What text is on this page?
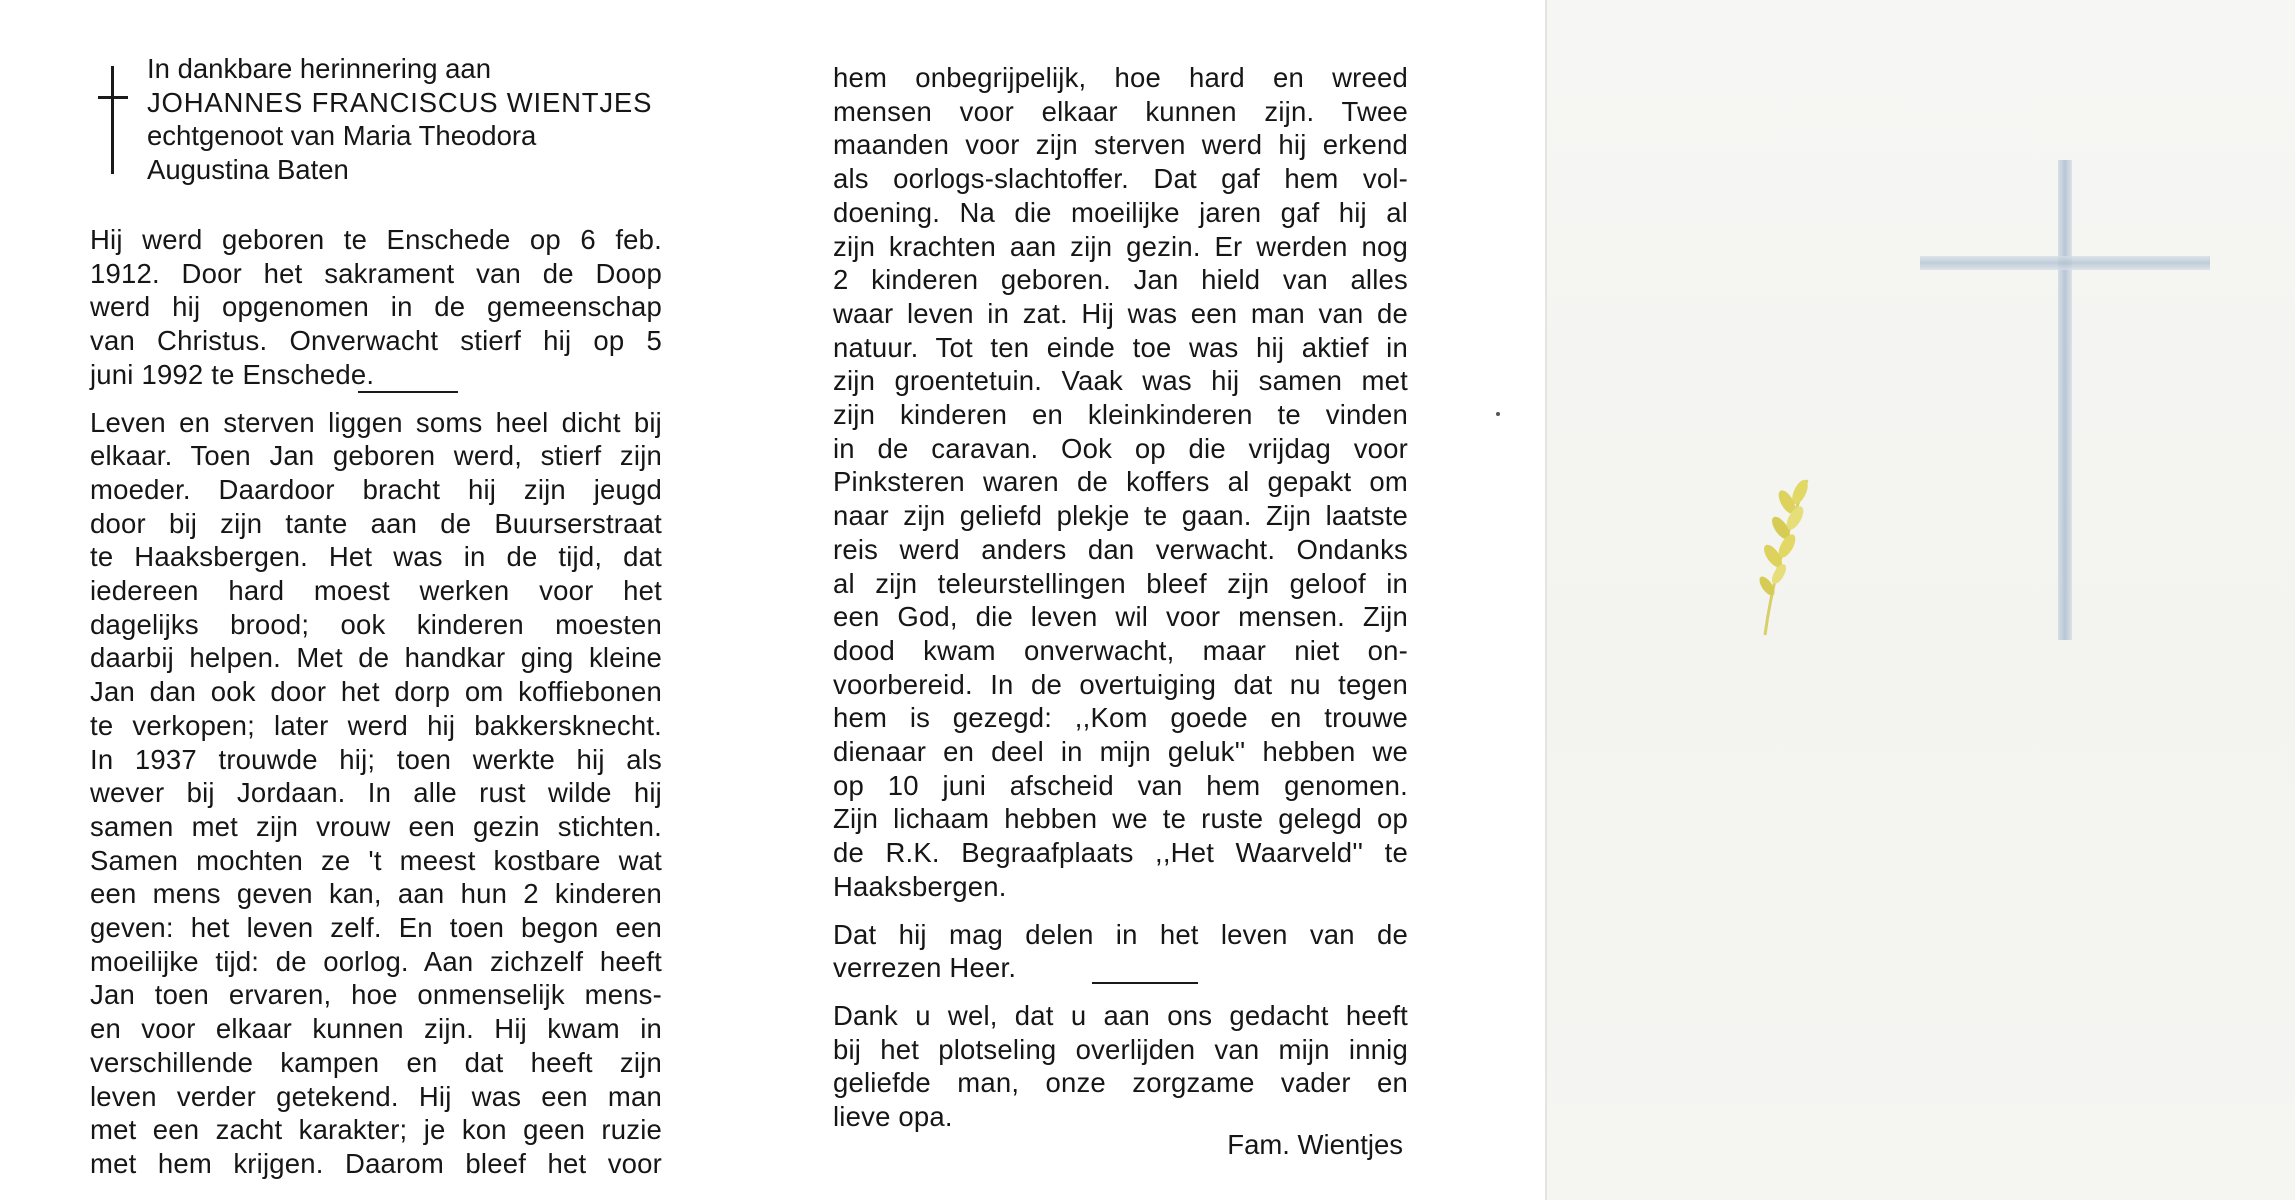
In dankbare herinnering aan
JOHANNES FRANCISCUS WIENTJES
echtgenoot van Maria Theodora
Augustina Baten

Hij werd geboren te Enschede op 6 feb.

1912. Door het sakrament van de Doop

werd hij opgenomen in de gemeenschap

van Christus. Onverwacht stierf hij op 5

juni 1992 te Enschede.

Leven en sterven liggen soms heel dicht bij

elkaar. Toen Jan geboren werd, stierf zijn

moeder. Daardoor bracht hij zijn jeugd

door bij zijn tante aan de Buurserstraat

te Haaksbergen. Het was in de tijd, dat

iedereen hard moest werken voor het

dagelijks brood; ook kinderen moesten

daarbij helpen. Met de handkar ging kleine

Jan dan ook door het dorp om koffiebonen

te verkopen; later werd hij bakkersknecht.

In 1937 trouwde hij; toen werkte hij als

wever bij Jordaan. In alle rust wilde hij

samen met zijn vrouw een gezin stichten.

Samen mochten ze 't meest kostbare wat

een mens geven kan, aan hun 2 kinderen

geven: het leven zelf. En toen begon een

moeilijke tijd: de oorlog. Aan zichzelf heeft

Jan toen ervaren, hoe onmenselijk mens-

en voor elkaar kunnen zijn. Hij kwam in

verschillende kampen en dat heeft zijn

leven verder getekend. Hij was een man

met een zacht karakter; je kon geen ruzie

met hem krijgen. Daarom bleef het voor

hem onbegrijpelijk, hoe hard en wreed

mensen voor elkaar kunnen zijn. Twee

maanden voor zijn sterven werd hij erkend

als oorlogs-slachtoffer. Dat gaf hem vol-

doening. Na die moeilijke jaren gaf hij al

zijn krachten aan zijn gezin. Er werden nog

2 kinderen geboren. Jan hield van alles

waar leven in zat. Hij was een man van de

natuur. Tot ten einde toe was hij aktief in

zijn groentetuin. Vaak was hij samen met

zijn kinderen en kleinkinderen te vinden

in de caravan. Ook op die vrijdag voor

Pinksteren waren de koffers al gepakt om

naar zijn geliefd plekje te gaan. Zijn laatste

reis werd anders dan verwacht. Ondanks

al zijn teleurstellingen bleef zijn geloof in

een God, die leven wil voor mensen. Zijn

dood kwam onverwacht, maar niet on-

voorbereid. In de overtuiging dat nu tegen

hem is gezegd: ,,Kom goede en trouwe

dienaar en deel in mijn geluk'' hebben we

op 10 juni afscheid van hem genomen.

Zijn lichaam hebben we te ruste gelegd op

de R.K. Begraafplaats ,,Het Waarveld'' te

Haaksbergen.

Dat hij mag delen in het leven van de

verrezen Heer.

Dank u wel, dat u aan ons gedacht heeft

bij het plotseling overlijden van mijn innig

geliefde man, onze zorgzame vader en

lieve opa.

Fam. Wientjes
